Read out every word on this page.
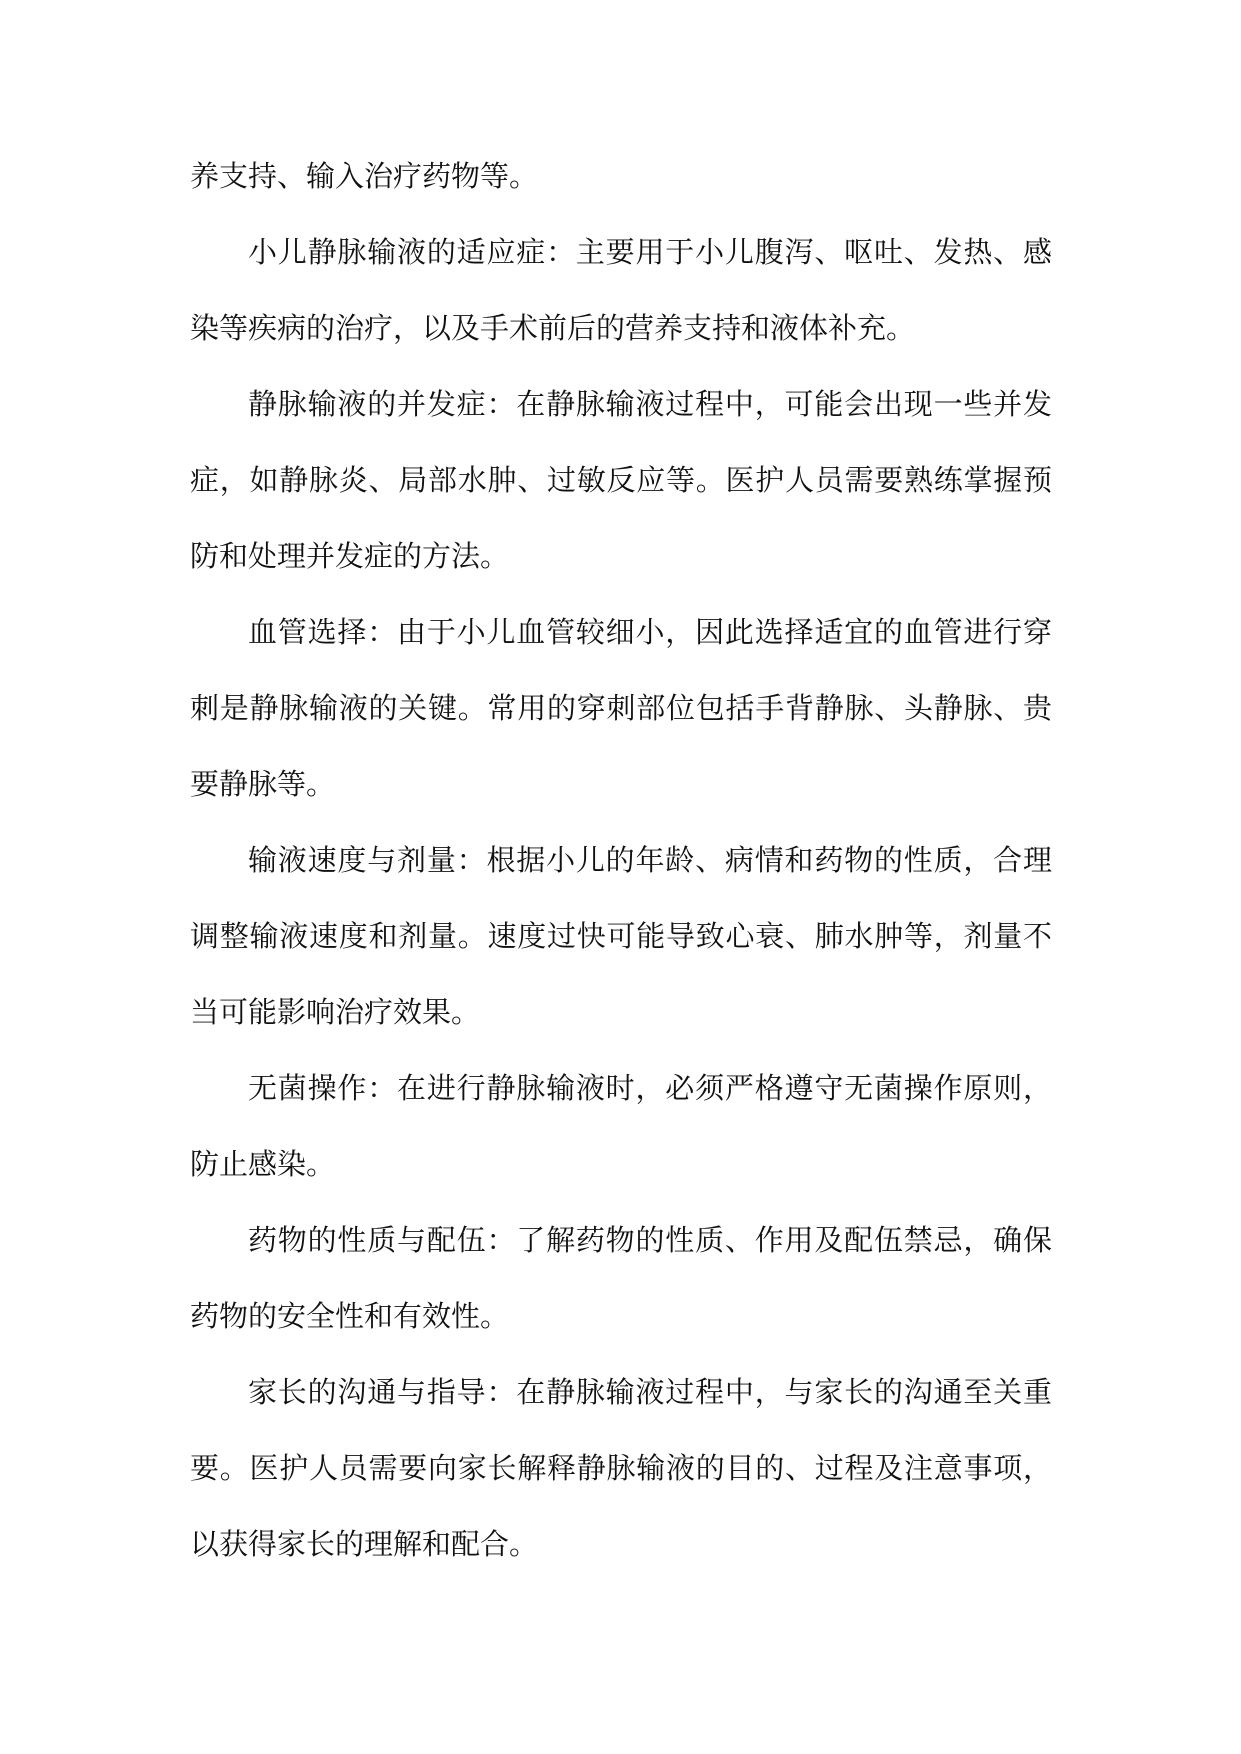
养支持、输入治疗药物等。

小儿静脉输液的适应症：主要用于小儿腹泻、呕吐、发热、感染等疾病的治疗，以及手术前后的营养支持和液体补充。

静脉输液的并发症：在静脉输液过程中，可能会出现一些并发症，如静脉炎、局部水肿、过敏反应等。医护人员需要熟练掌握预防和处理并发症的方法。

血管选择：由于小儿血管较细小，因此选择适宜的血管进行穿刺是静脉输液的关键。常用的穿刺部位包括手背静脉、头静脉、贵要静脉等。

输液速度与剂量：根据小儿的年龄、病情和药物的性质，合理调整输液速度和剂量。速度过快可能导致心衰、肺水肿等，剂量不当可能影响治疗效果。

无菌操作：在进行静脉输液时，必须严格遵守无菌操作原则，防止感染。

药物的性质与配伍：了解药物的性质、作用及配伍禁忌，确保药物的安全性和有效性。

家长的沟通与指导：在静脉输液过程中，与家长的沟通至关重要。医护人员需要向家长解释静脉输液的目的、过程及注意事项，以获得家长的理解和配合。
